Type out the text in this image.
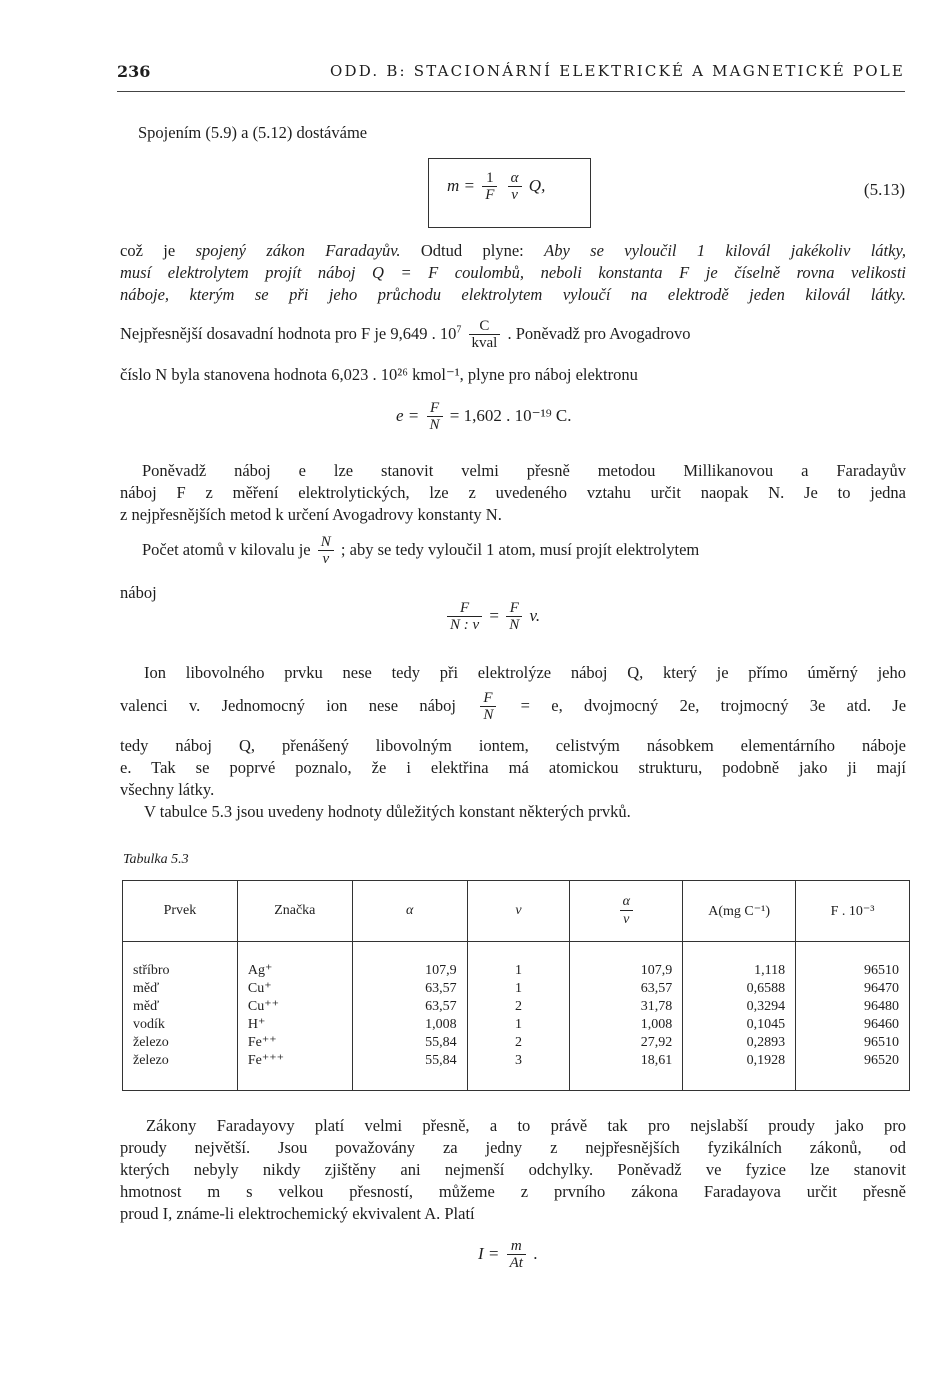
236	ODD. B: STACIONÁRNÍ ELEKTRICKÉ A MAGNETICKÉ POLE
Spojením (5.9) a (5.12) dostáváme
$m = \frac{1}{F}$
$\frac{\alpha}{v} Q$,	(5.13)
což je spojený zákon Faradayův. Odtud plyne: Aby se vyloučil 1 kilovál jakékoliv látky,
musí elektrolytem projít náboj Q = F coulombů, neboli konstanta F je číselně rovna velikosti
náboje, kterým se při jeho průchodu elektrolytem vyloučí na elektrodě jeden kilovál látky.
Nejpřesnější dosavadní hodnota pro F je 9,649 . $10^7 \frac{C}{\text{kval}}$ . Poněvadž pro Avogadrovo
číslo N byla stanovena hodnota 6,023 . 10²⁶ kmol⁻¹, plyne pro náboj elektronu
$e = \frac{F}{N} = 1,602$ . 10⁻¹⁹ C.
Poněvadž náboj e lze stanovit velmi přesně metodou Millikanovou a Faradayův
náboj F z měření elektrolytických, lze z uvedeného vztahu určit naopak N. Je to jedna
z nejpřesnějších metod k určení Avogadrovy konstanty N.
Počet atomů v kilovalu je $\frac{N}{v}$ ; aby se tedy vyloučil 1 atom, musí projít elektrolytem
náboj
$\frac{F}{N : v} = \frac{F}{N} v$.
Ion libovolného prvku nese tedy při elektrolýze náboj Q, který je přímo úměrný jeho
valenci v. Jednomocný ion nese náboj $\frac{F}{N} = e$, dvojmocný 2e, trojmocný 3e atd. Je
tedy náboj Q, přenášený libovolným iontem, celistvým násobkem elementárního náboje
e. Tak se poprvé poznalo, že i elektřina má atomickou strukturu, podobně jako ji mají
všechny látky.
V tabulce 5.3 jsou uvedeny hodnoty důležitých konstant některých prvků.
Tabulka 5.3
Prvek	Značka	α	v	$\frac{\alpha}{v}$	A(mg C⁻¹)	F . 10⁻³
stříbro	Ag⁺	107,9	1	107,9	1,118	96510
měď	Cu⁺	63,57	1	63,57	0,6588	96470
měď	Cu⁺⁺	63,57	2	31,78	0,3294	96480
vodík	H⁺	1,008	1	1,008	0,1045	96460
železo	Fe⁺⁺	55,84	2	27,92	0,2893	96510
železo	Fe⁺⁺⁺	55,84	3	18,61	0,1928	96520
Zákony Faradayovy platí velmi přesně, a to právě tak pro nejslabší proudy jako pro
proudy největší. Jsou považovány za jedny z nejpřesnějších fyzikálních zákonů, od
kterých nebyly nikdy zjištěny ani nejmenší odchylky. Poněvadž ve fyzice lze stanovit
hmotnost m s velkou přesností, můžeme z prvního zákona Faradayova určit přesně
proud I, známe-li elektrochemický ekvivalent A. Platí
$I = \frac{m}{At}$ .
